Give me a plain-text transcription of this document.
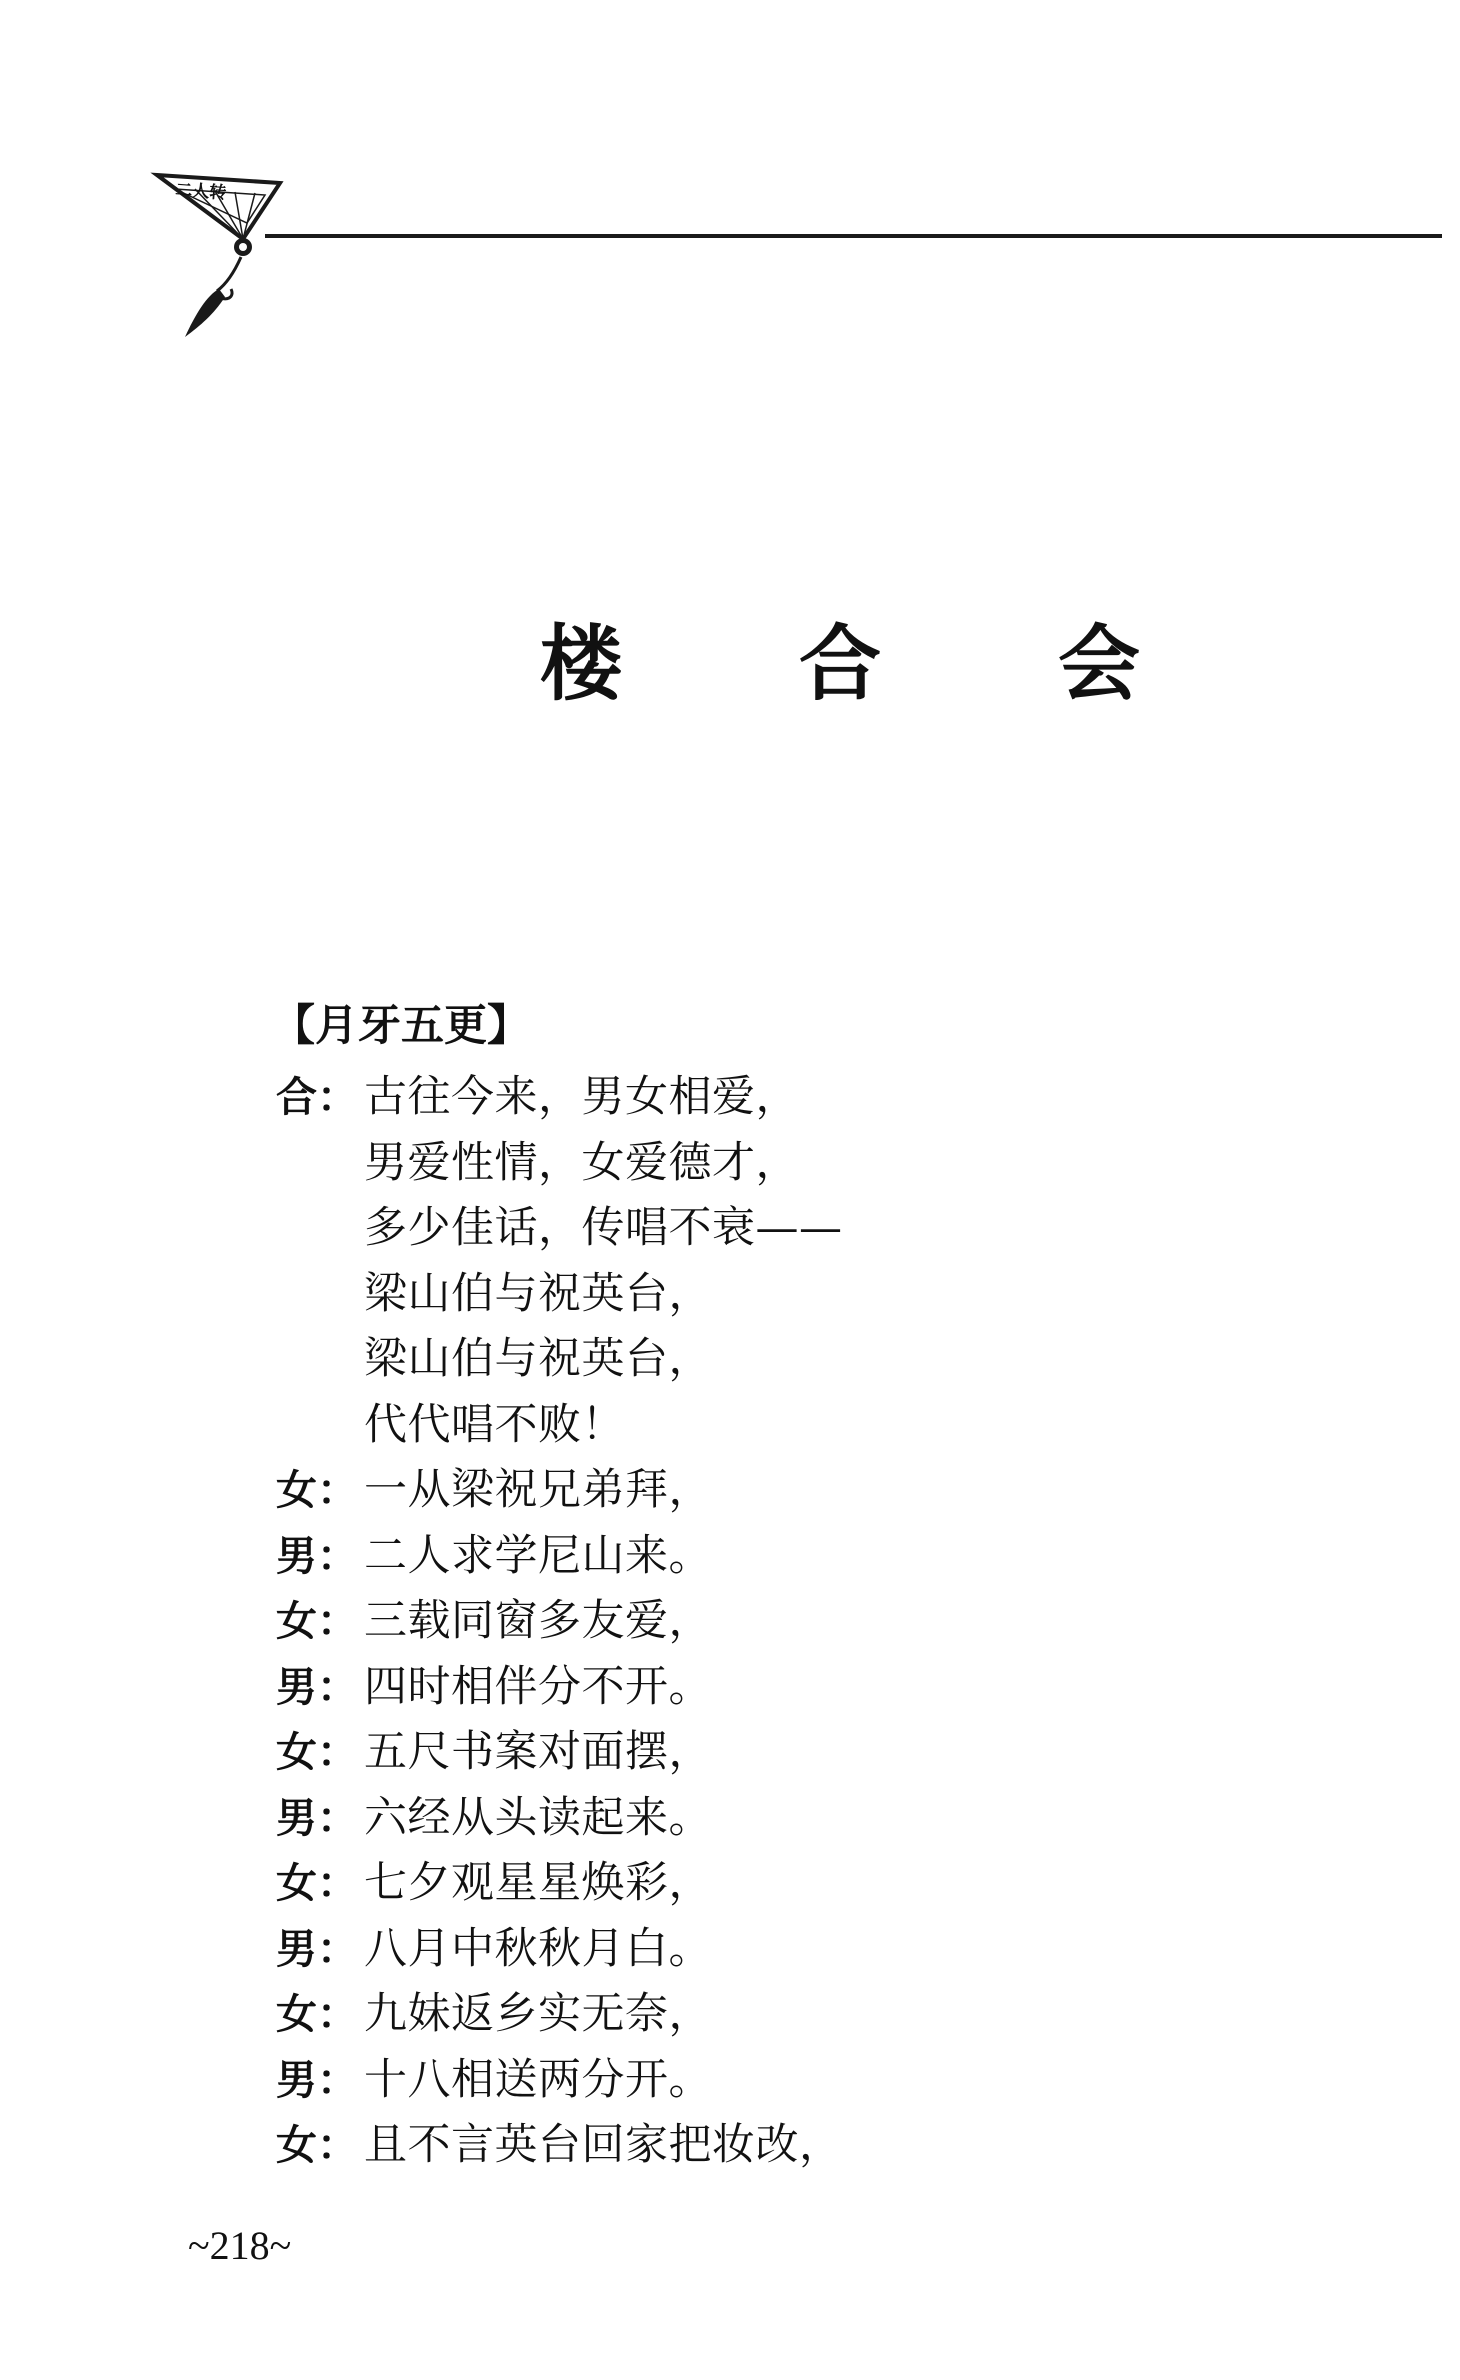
二人转
楼 合 会
【月牙五更】
合： 古往今来，男女相爱，
男爱性情，女爱德才，
多少佳话，传唱不衰——
梁山伯与祝英台，
梁山伯与祝英台，
代代唱不败！
女： 一从梁祝兄弟拜，
男： 二人求学尼山来。
女： 三载同窗多友爱，
男： 四时相伴分不开。
女： 五尺书案对面摆，
男： 六经从头读起来。
女： 七夕观星星焕彩，
男： 八月中秋秋月白。
女： 九妹返乡实无奈，
男： 十八相送两分开。
女： 且不言英台回家把妆改，
~218~
